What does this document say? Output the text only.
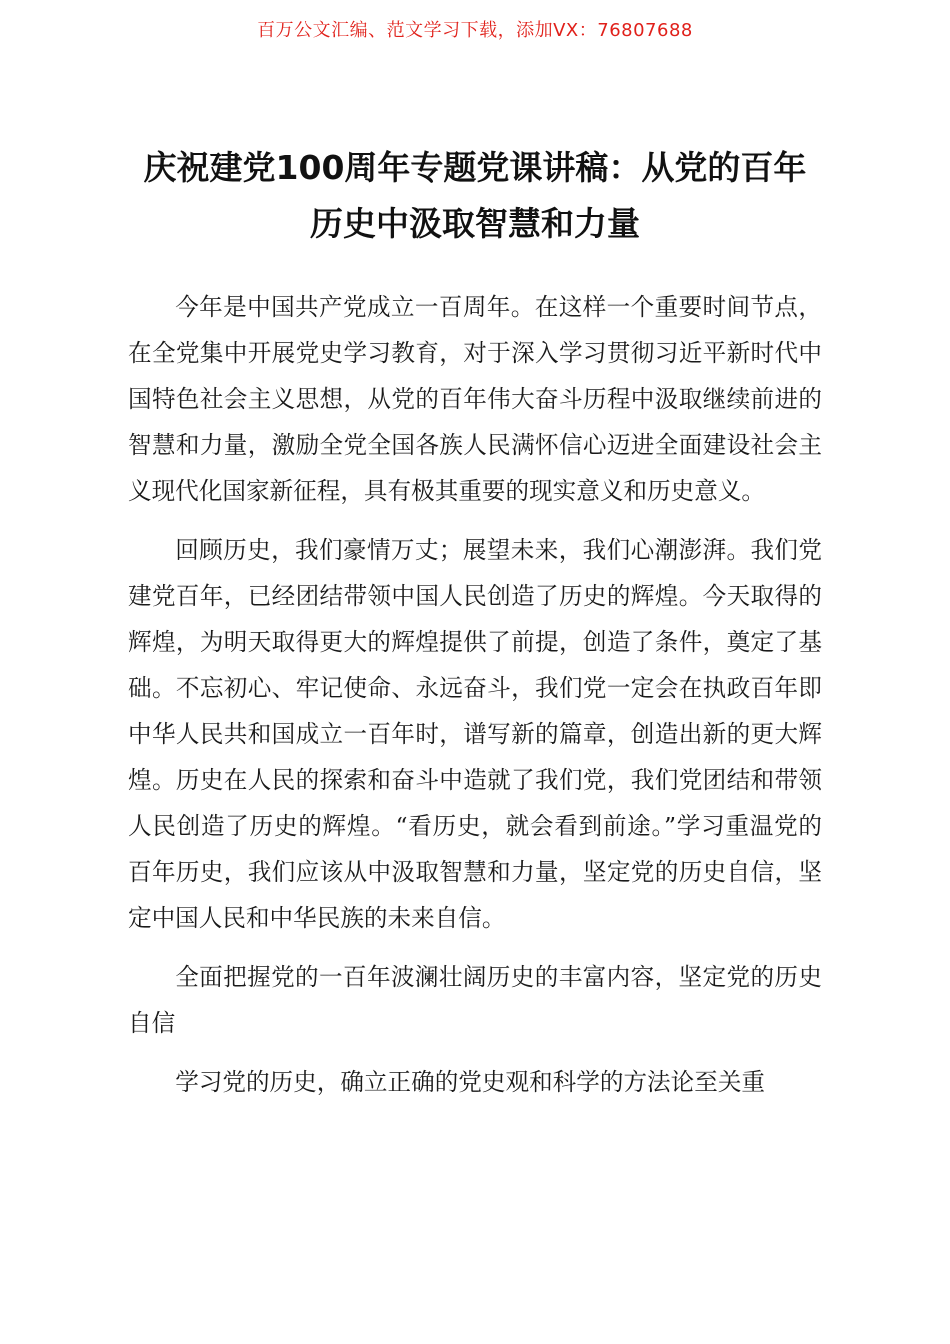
百万公文汇编、范文学习下载，添加VX：76807688
庆祝建党100周年专题党课讲稿：从党的百年历史中汲取智慧和力量

今年是中国共产党成立一百周年。在这样一个重要时间节点，在全党集中开展党史学习教育，对于深入学习贯彻习近平新时代中国特色社会主义思想，从党的百年伟大奋斗历程中汲取继续前进的智慧和力量，激励全党全国各族人民满怀信心迈进全面建设社会主义现代化国家新征程，具有极其重要的现实意义和历史意义。

回顾历史，我们豪情万丈；展望未来，我们心潮澎湃。我们党建党百年，已经团结带领中国人民创造了历史的辉煌。今天取得的辉煌，为明天取得更大的辉煌提供了前提，创造了条件，奠定了基础。不忘初心、牢记使命、永远奋斗，我们党一定会在执政百年即中华人民共和国成立一百年时，谱写新的篇章，创造出新的更大辉煌。历史在人民的探索和奋斗中造就了我们党，我们党团结和带领人民创造了历史的辉煌。“看历史，就会看到前途。”学习重温党的百年历史，我们应该从中汲取智慧和力量，坚定党的历史自信，坚定中国人民和中华民族的未来自信。

全面把握党的一百年波澜壮阔历史的丰富内容，坚定党的历史自信

学习党的历史，确立正确的党史观和科学的方法论至关重
